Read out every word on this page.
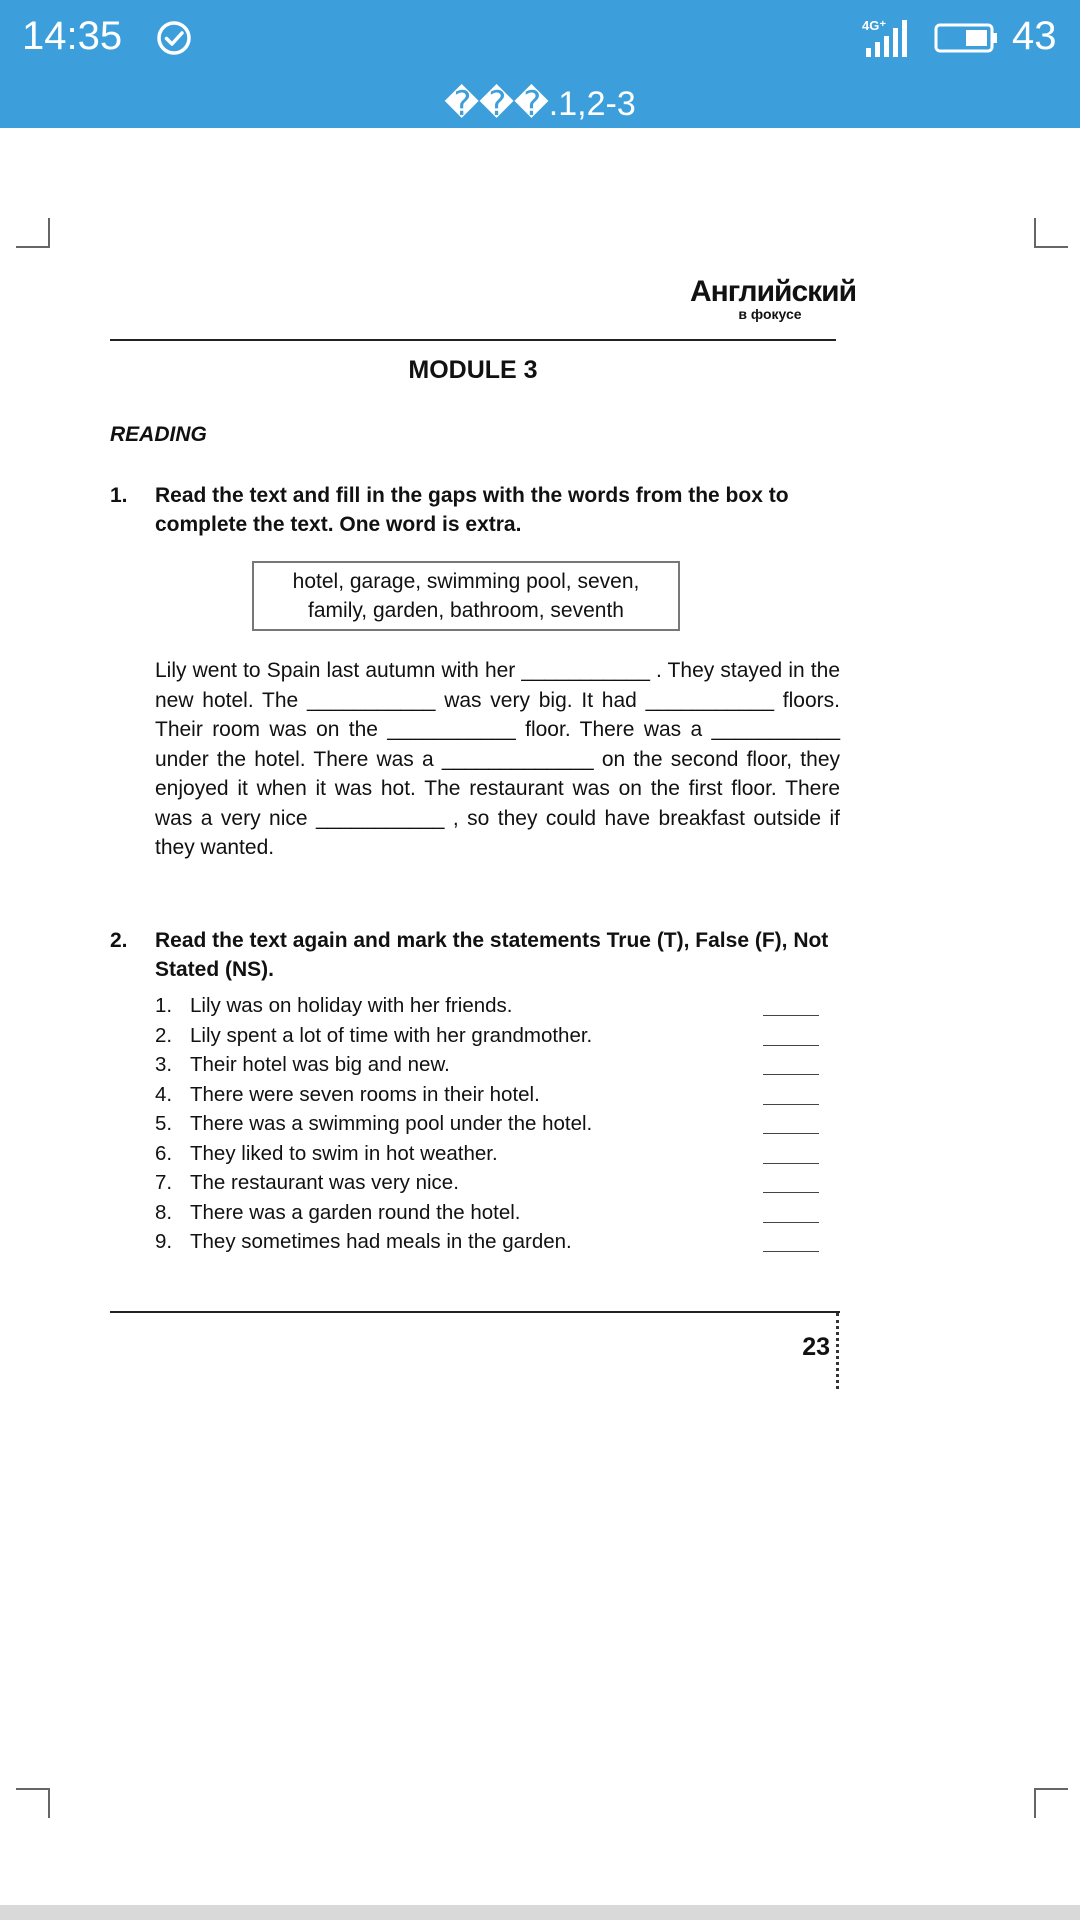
14:35	4G⁺	43
���.1,2-3
Английский
в фокусе
MODULE 3
READING
1. Read the text and fill in the gaps with the words from the box to complete the text. One word is extra.
hotel, garage, swimming pool, seven,
family, garden, bathroom, seventh
Lily went to Spain last autumn with her ___________ . They stayed in the new hotel. The ___________ was very big. It had ___________ floors. Their room was on the ___________ floor. There was a ___________ under the hotel. There was a _____________ on the second floor, they enjoyed it when it was hot. The restaurant was on the first floor. There was a very nice ___________ , so they could have breakfast outside if they wanted.
2. Read the text again and mark the statements True (T), False (F), Not Stated (NS).
1. Lily was on holiday with her friends.
2. Lily spent a lot of time with her grandmother.
3. Their hotel was big and new.
4. There were seven rooms in their hotel.
5. There was a swimming pool under the hotel.
6. They liked to swim in hot weather.
7. The restaurant was very nice.
8. There was a garden round the hotel.
9. They sometimes had meals in the garden.
23
